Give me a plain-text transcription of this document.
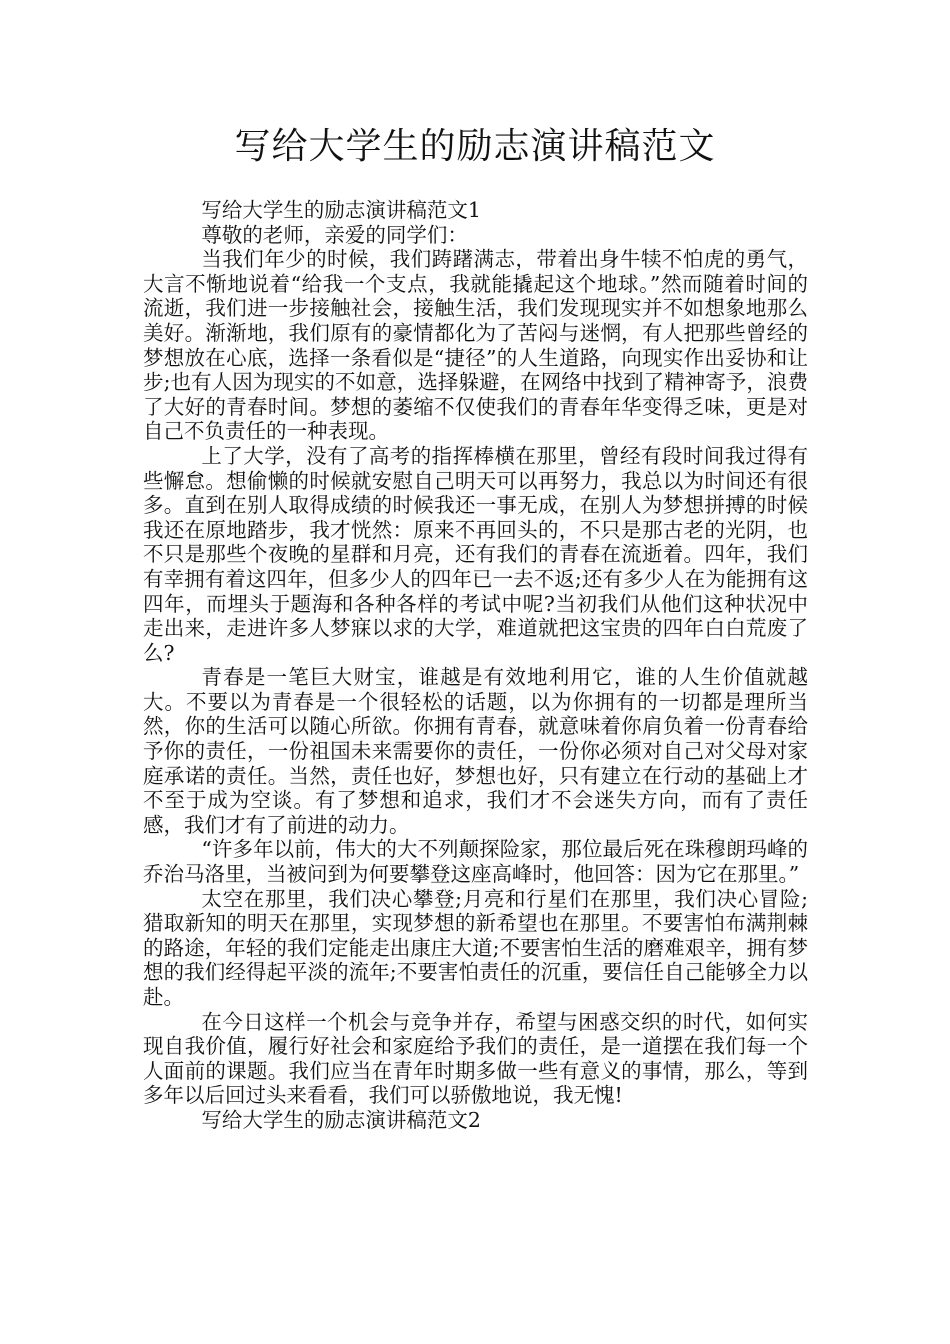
写给大学生的励志演讲稿范文

写给大学生的励志演讲稿范文1

尊敬的老师，亲爱的同学们：

当我们年少的时候，我们踌躇满志，带着出身牛犊不怕虎的勇气，大言不惭地说着“给我一个支点，我就能撬起这个地球。”然而随着时间的流逝，我们进一步接触社会，接触生活，我们发现现实并不如想象地那么美好。渐渐地，我们原有的豪情都化为了苦闷与迷惘，有人把那些曾经的梦想放在心底，选择一条看似是“捷径”的人生道路，向现实作出妥协和让步;也有人因为现实的不如意，选择躲避，在网络中找到了精神寄予，浪费了大好的青春时间。梦想的萎缩不仅使我们的青春年华变得乏味，更是对自己不负责任的一种表现。

上了大学，没有了高考的指挥棒横在那里，曾经有段时间我过得有些懈怠。想偷懒的时候就安慰自己明天可以再努力，我总以为时间还有很多。直到在别人取得成绩的时候我还一事无成，在别人为梦想拼搏的时候我还在原地踏步，我才恍然：原来不再回头的，不只是那古老的光阴，也不只是那些个夜晚的星群和月亮，还有我们的青春在流逝着。四年，我们有幸拥有着这四年，但多少人的四年已一去不返;还有多少人在为能拥有这四年，而埋头于题海和各种各样的考试中呢?当初我们从他们这种状况中走出来，走进许多人梦寐以求的大学，难道就把这宝贵的四年白白荒废了么?

青春是一笔巨大财宝，谁越是有效地利用它，谁的人生价值就越大。不要以为青春是一个很轻松的话题，以为你拥有的一切都是理所当然，你的生活可以随心所欲。你拥有青春，就意味着你肩负着一份青春给予你的责任，一份祖国未来需要你的责任，一份你必须对自己对父母对家庭承诺的责任。当然，责任也好，梦想也好，只有建立在行动的基础上才不至于成为空谈。有了梦想和追求，我们才不会迷失方向，而有了责任感，我们才有了前进的动力。

“许多年以前，伟大的大不列颠探险家，那位最后死在珠穆朗玛峰的乔治马洛里，当被问到为何要攀登这座高峰时，他回答：因为它在那里。”

太空在那里，我们决心攀登;月亮和行星们在那里，我们决心冒险;猎取新知的明天在那里，实现梦想的新希望也在那里。不要害怕布满荆棘的路途，年轻的我们定能走出康庄大道;不要害怕生活的磨难艰辛，拥有梦想的我们经得起平淡的流年;不要害怕责任的沉重，要信任自己能够全力以赴。

在今日这样一个机会与竞争并存，希望与困惑交织的时代，如何实现自我价值，履行好社会和家庭给予我们的责任，是一道摆在我们每一个人面前的课题。我们应当在青年时期多做一些有意义的事情，那么，等到多年以后回过头来看看，我们可以骄傲地说，我无愧!

写给大学生的励志演讲稿范文2
